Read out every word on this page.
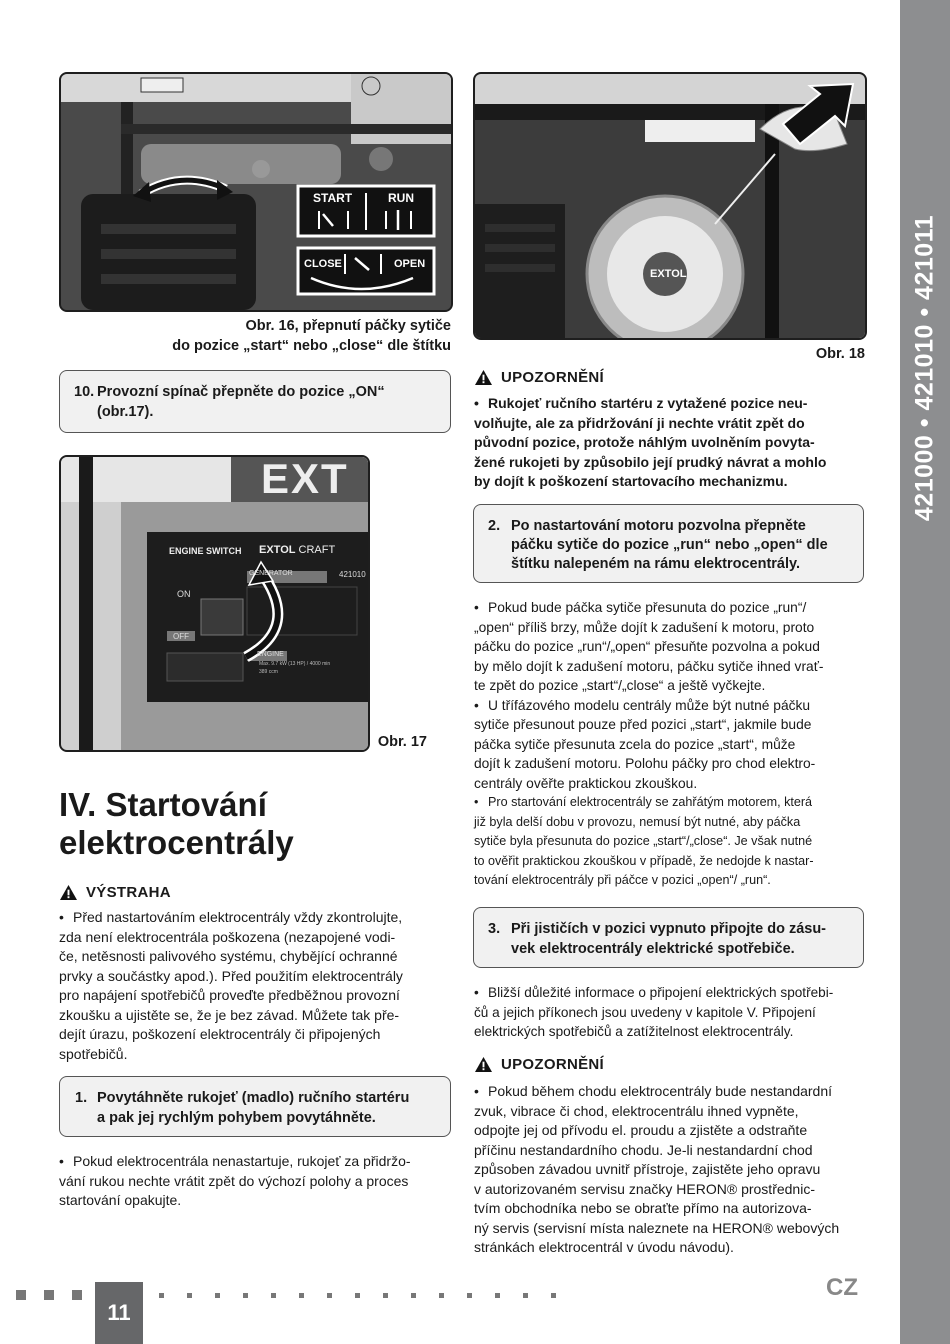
421000 • 421010 • 421011
START	RUN
CLOSE	OPEN
Obr. 16, přepnutí páčky sytiče
do pozice „start“ nebo „close“ dle štítku
10. Provozní spínač přepněte do pozice „ON“
(obr.17).
EXT
ENGINE SWITCH EXTOL CRAFT
GENERATOR	421010
ON
OFF
ENGINE
Max. 9.7 kW (13 HP) / 4000 min
389 ccm
Obr. 17
IV. Startování
elektrocentrály
VÝSTRAHA
• Před nastartováním elektrocentrály vždy zkontrolujte,
zda není elektrocentrála poškozena (nezapojené vodi-
če, netěsnosti palivového systému, chybějící ochranné
prvky a součástky apod.). Před použitím elektrocentrály
pro napájení spotřebičů proveďte předběžnou provozní
zkoušku a ujistěte se, že je bez závad. Můžete tak pře-
dejít úrazu, poškození elektrocentrály či připojených
spotřebičů.
1. Povytáhněte rukojeť (madlo) ručního startéru
a pak jej rychlým pohybem povytáhněte.
• Pokud elektrocentrála nenastartuje, rukojeť za přidržo-
vání rukou nechte vrátit zpět do výchozí polohy a proces
startování opakujte.
EXTOL
Obr. 18
UPOZORNĚNÍ
• Rukojeť ručního startéru z vytažené pozice neu-
volňujte, ale za přidržování ji nechte vrátit zpět do
původní pozice, protože náhlým uvolněním povyta-
žené rukojeti by způsobilo její prudký návrat a mohlo
by dojít k poškození startovacího mechanizmu.
2. Po nastartování motoru pozvolna přepněte
páčku sytiče do pozice „run“ nebo „open“ dle
štítku nalepeném na rámu elektrocentrály.
• Pokud bude páčka sytiče přesunuta do pozice „run“/
„open“ příliš brzy, může dojít k zadušení k motoru, proto
páčku do pozice „run“/„open“ přesuňte pozvolna a pokud
by mělo dojít k zadušení motoru, páčku sytiče ihned vrať-
te zpět do pozice „start“/„close“ a ještě vyčkejte.
• U třífázového modelu centrály může být nutné páčku
sytiče přesunout pouze před pozici „start“, jakmile bude
páčka sytiče přesunuta zcela do pozice „start“, může
dojít k zadušení motoru. Polohu páčky pro chod elektro-
centrály ověřte praktickou zkouškou.
• Pro startování elektrocentrály se zahřátým motorem, která
již byla delší dobu v provozu, nemusí být nutné, aby páčka
sytiče byla přesunuta do pozice „start“/„close“. Je však nutné
to ověřit praktickou zkouškou v případě, že nedojde k nastar-
tování elektrocentrály při páčce v pozici „open“/ „run“.
3. Při jističích v pozici vypnuto připojte do zásu-
vek elektrocentrály elektrické spotřebiče.
• Bližší důležité informace o připojení elektrických spotřebi-
čů a jejich příkonech jsou uvedeny v kapitole V. Připojení
elektrických spotřebičů a zatížitelnost elektrocentrály.
UPOZORNĚNÍ
• Pokud během chodu elektrocentrály bude nestandardní
zvuk, vibrace či chod, elektrocentrálu ihned vypněte,
odpojte jej od přívodu el. proudu a zjistěte a odstraňte
příčinu nestandardního chodu. Je-li nestandardní chod
způsoben závadou uvnitř přístroje, zajistěte jeho opravu
v autorizovaném servisu značky HERON® prostřednic-
tvím obchodníka nebo se obraťte přímo na autorizova-
ný servis (servisní místa naleznete na HERON® webových
stránkách elektrocentrál v úvodu návodu).
11
CZ
